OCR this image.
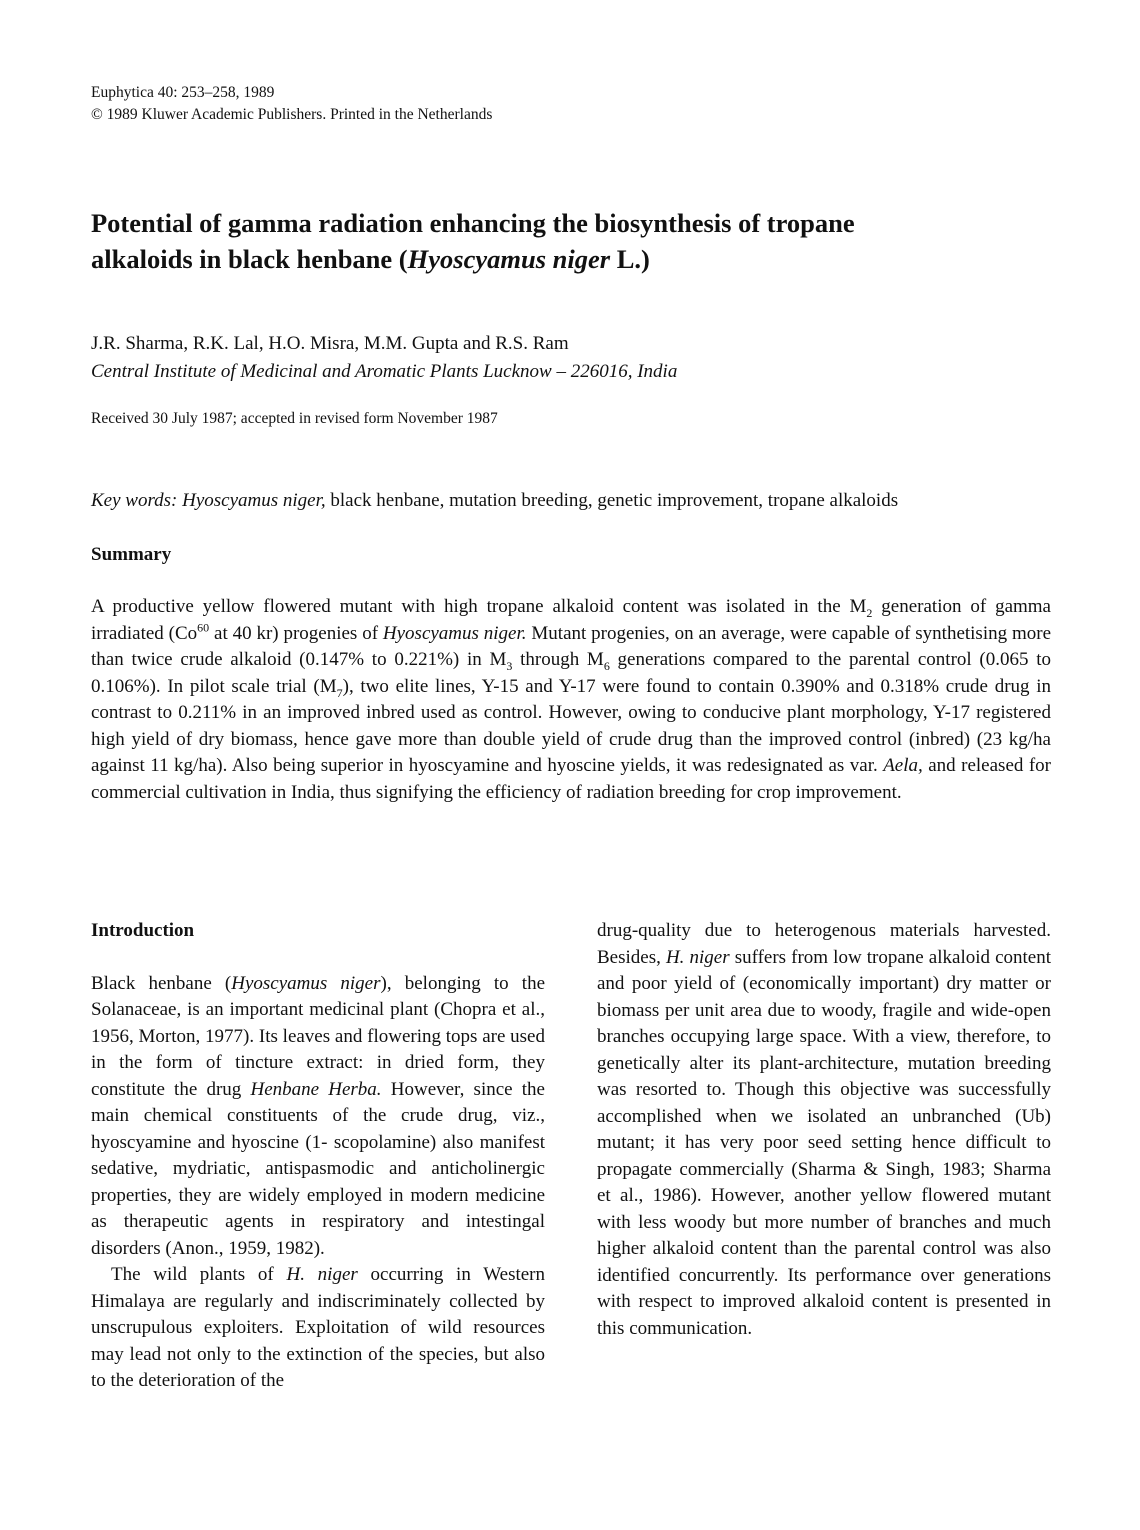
Euphytica 40: 253–258, 1989
© 1989 Kluwer Academic Publishers. Printed in the Netherlands
Potential of gamma radiation enhancing the biosynthesis of tropane
alkaloids in black henbane (Hyoscyamus niger L.)
J.R. Sharma, R.K. Lal, H.O. Misra, M.M. Gupta and R.S. Ram
Central Institute of Medicinal and Aromatic Plants Lucknow – 226016, India
Received 30 July 1987; accepted in revised form November 1987
Key words: Hyoscyamus niger, black henbane, mutation breeding, genetic improvement, tropane alkaloids
Summary

A productive yellow flowered mutant with high tropane alkaloid content was isolated in the $M_2$ generation of gamma irradiated (Co$^{60}$ at 40 kr) progenies of Hyoscyamus niger. Mutant progenies, on an average, were capable of synthetising more than twice crude alkaloid (0.147% to 0.221%) in $M_3$ through $M_6$ generations compared to the parental control (0.065 to 0.106%). In pilot scale trial $(M_7)$, two elite lines, Y-15 and Y-17 were found to contain 0.390% and 0.318% crude drug in contrast to 0.211% in an improved inbred used as control. However, owing to conducive plant morphology, Y-17 registered high yield of dry biomass, hence gave more than double yield of crude drug than the improved control (inbred) (23 kg/ha against 11 kg/ha). Also being superior in hyoscyamine and hyoscine yields, it was redesignated as var. Aela, and released for commercial cultivation in India, thus signifying the efficiency of radiation breeding for crop improvement.

Introduction

Black henbane (Hyoscyamus niger), belonging to the Solanaceae, is an important medicinal plant (Chopra et al., 1956, Morton, 1977). Its leaves and flowering tops are used in the form of tincture extract: in dried form, they constitute the drug Henbane Herba. However, since the main chemical constituents of the crude drug, viz., hyoscyamine and hyoscine (1- scopolamine) also manifest sedative, mydriatic, antispasmodic and anticholinergic properties, they are widely employed in modern medicine as therapeutic agents in respiratory and intestingal disorders (Anon., 1959, 1982).

The wild plants of H. niger occurring in Western Himalaya are regularly and indiscriminately collected by unscrupulous exploiters. Exploitation of wild resources may lead not only to the extinction of the species, but also to the deterioration of the

drug-quality due to heterogenous materials harvested. Besides, H. niger suffers from low tropane alkaloid content and poor yield of (economically important) dry matter or biomass per unit area due to woody, fragile and wide-open branches occupying large space. With a view, therefore, to genetically alter its plant-architecture, mutation breeding was resorted to. Though this objective was successfully accomplished when we isolated an unbranched (Ub) mutant; it has very poor seed setting hence difficult to propagate commercially (Sharma & Singh, 1983; Sharma et al., 1986). However, another yellow flowered mutant with less woody but more number of branches and much higher alkaloid content than the parental control was also identified concurrently. Its performance over generations with respect to improved alkaloid content is presented in this communication.
